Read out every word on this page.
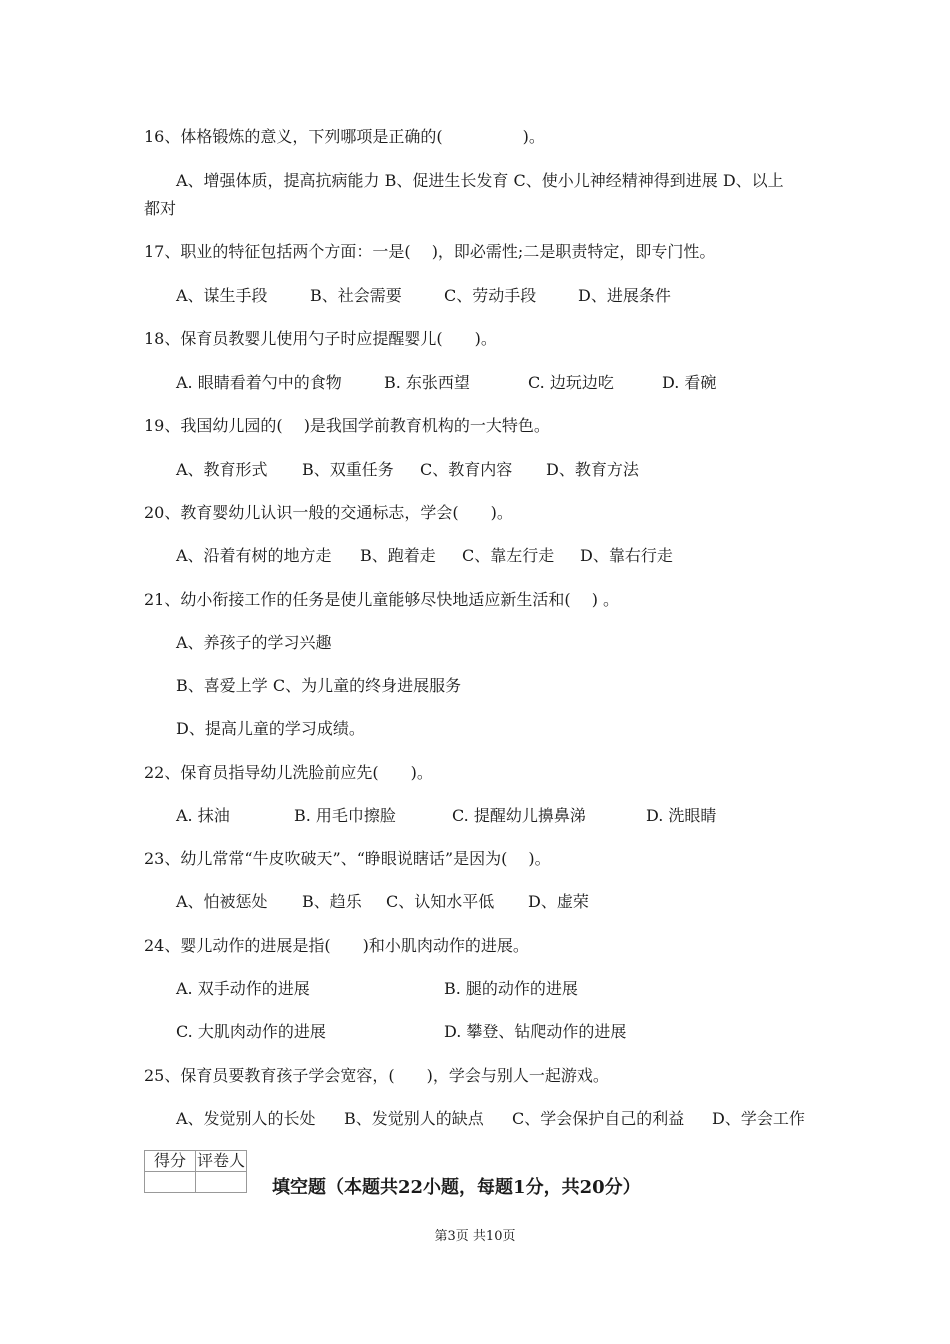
16、体格锻炼的意义，下列哪项是正确的(　　　　　)。
A、增强体质，提高抗病能力 B、促进生长发育 C、使小儿神经精神得到进展 D、以上
都对
17、职业的特征包括两个方面：一是(　 )，即必需性;二是职责特定，即专门性。
A、谋生手段	B、社会需要	C、劳动手段	D、进展条件
18、保育员教婴儿使用勺子时应提醒婴儿(　　)。
A. 眼睛看着勺中的食物	B. 东张西望	C. 边玩边吃	D. 看碗
19、我国幼儿园的(　 )是我国学前教育机构的一大特色。
A、教育形式 B、双重任务 C、教育内容 D、教育方法
20、教育婴幼儿认识一般的交通标志，学会(　　)。
A、沿着有树的地方走 B、跑着走 C、靠左行走 D、靠右行走
21、幼小衔接工作的任务是使儿童能够尽快地适应新生活和(　 ) 。
A、养孩子的学习兴趣
B、喜爱上学 C、为儿童的终身进展服务
D、提高儿童的学习成绩。
22、保育员指导幼儿洗脸前应先(　　)。
A. 抹油	B. 用毛巾擦脸	C. 提醒幼儿擤鼻涕	D. 洗眼睛
23、幼儿常常“牛皮吹破天”、“睁眼说瞎话”是因为(　 )。
A、怕被惩处 B、趋乐 C、认知水平低 D、虚荣
24、婴儿动作的进展是指(　　)和小肌肉动作的进展。
A. 双手动作的进展	B. 腿的动作的进展
C. 大肌肉动作的进展	D. 攀登、钻爬动作的进展
25、保育员要教育孩子学会宽容，(　　)，学会与别人一起游戏。
A、发觉别人的长处 B、发觉别人的缺点 C、学会保护自己的利益 D、学会工作
得分	评卷人

填空题（本题共22小题，每题1分，共20分）
第3页 共10页
